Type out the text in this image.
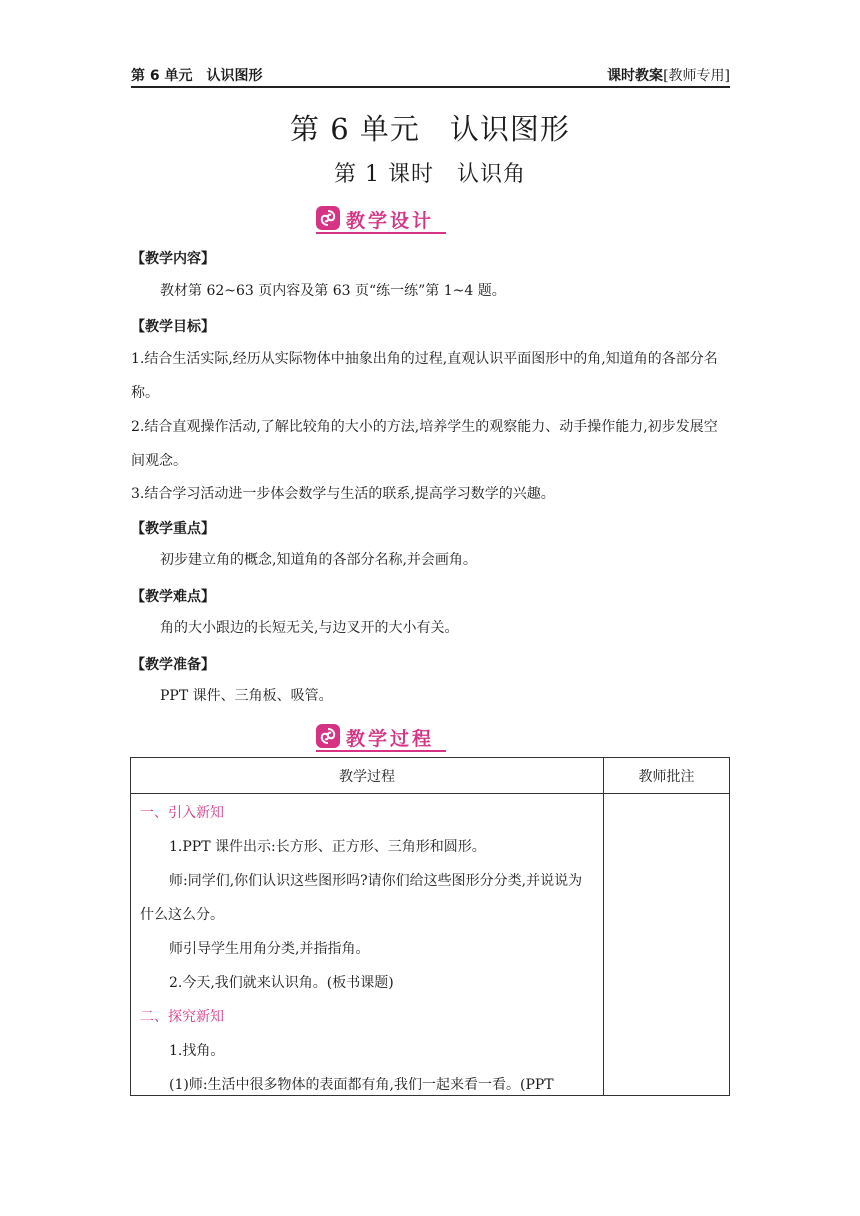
第 6 单元　认识图形	课时教案[教师专用]
第 6 单元　认识图形
第 1 课时　认识角
教学设计
【教学内容】
教材第 62~63 页内容及第 63 页“练一练”第 1~4 题。
【教学目标】
1.结合生活实际,经历从实际物体中抽象出角的过程,直观认识平面图形中的角,知道角的各部分名称。
2.结合直观操作活动,了解比较角的大小的方法,培养学生的观察能力、动手操作能力,初步发展空间观念。
3.结合学习活动进一步体会数学与生活的联系,提高学习数学的兴趣。
【教学重点】
初步建立角的概念,知道角的各部分名称,并会画角。
【教学难点】
角的大小跟边的长短无关,与边叉开的大小有关。
【教学准备】
PPT 课件、三角板、吸管。
教学过程
教学过程	教师批注
一、引入新知
1.PPT 课件出示:长方形、正方形、三角形和圆形。
师:同学们,你们认识这些图形吗?请你们给这些图形分分类,并说说为什么这么分。
师引导学生用角分类,并指指角。
2.今天,我们就来认识角。(板书课题)
二、探究新知
1.找角。
(1)师:生活中很多物体的表面都有角,我们一起来看一看。(PPT
